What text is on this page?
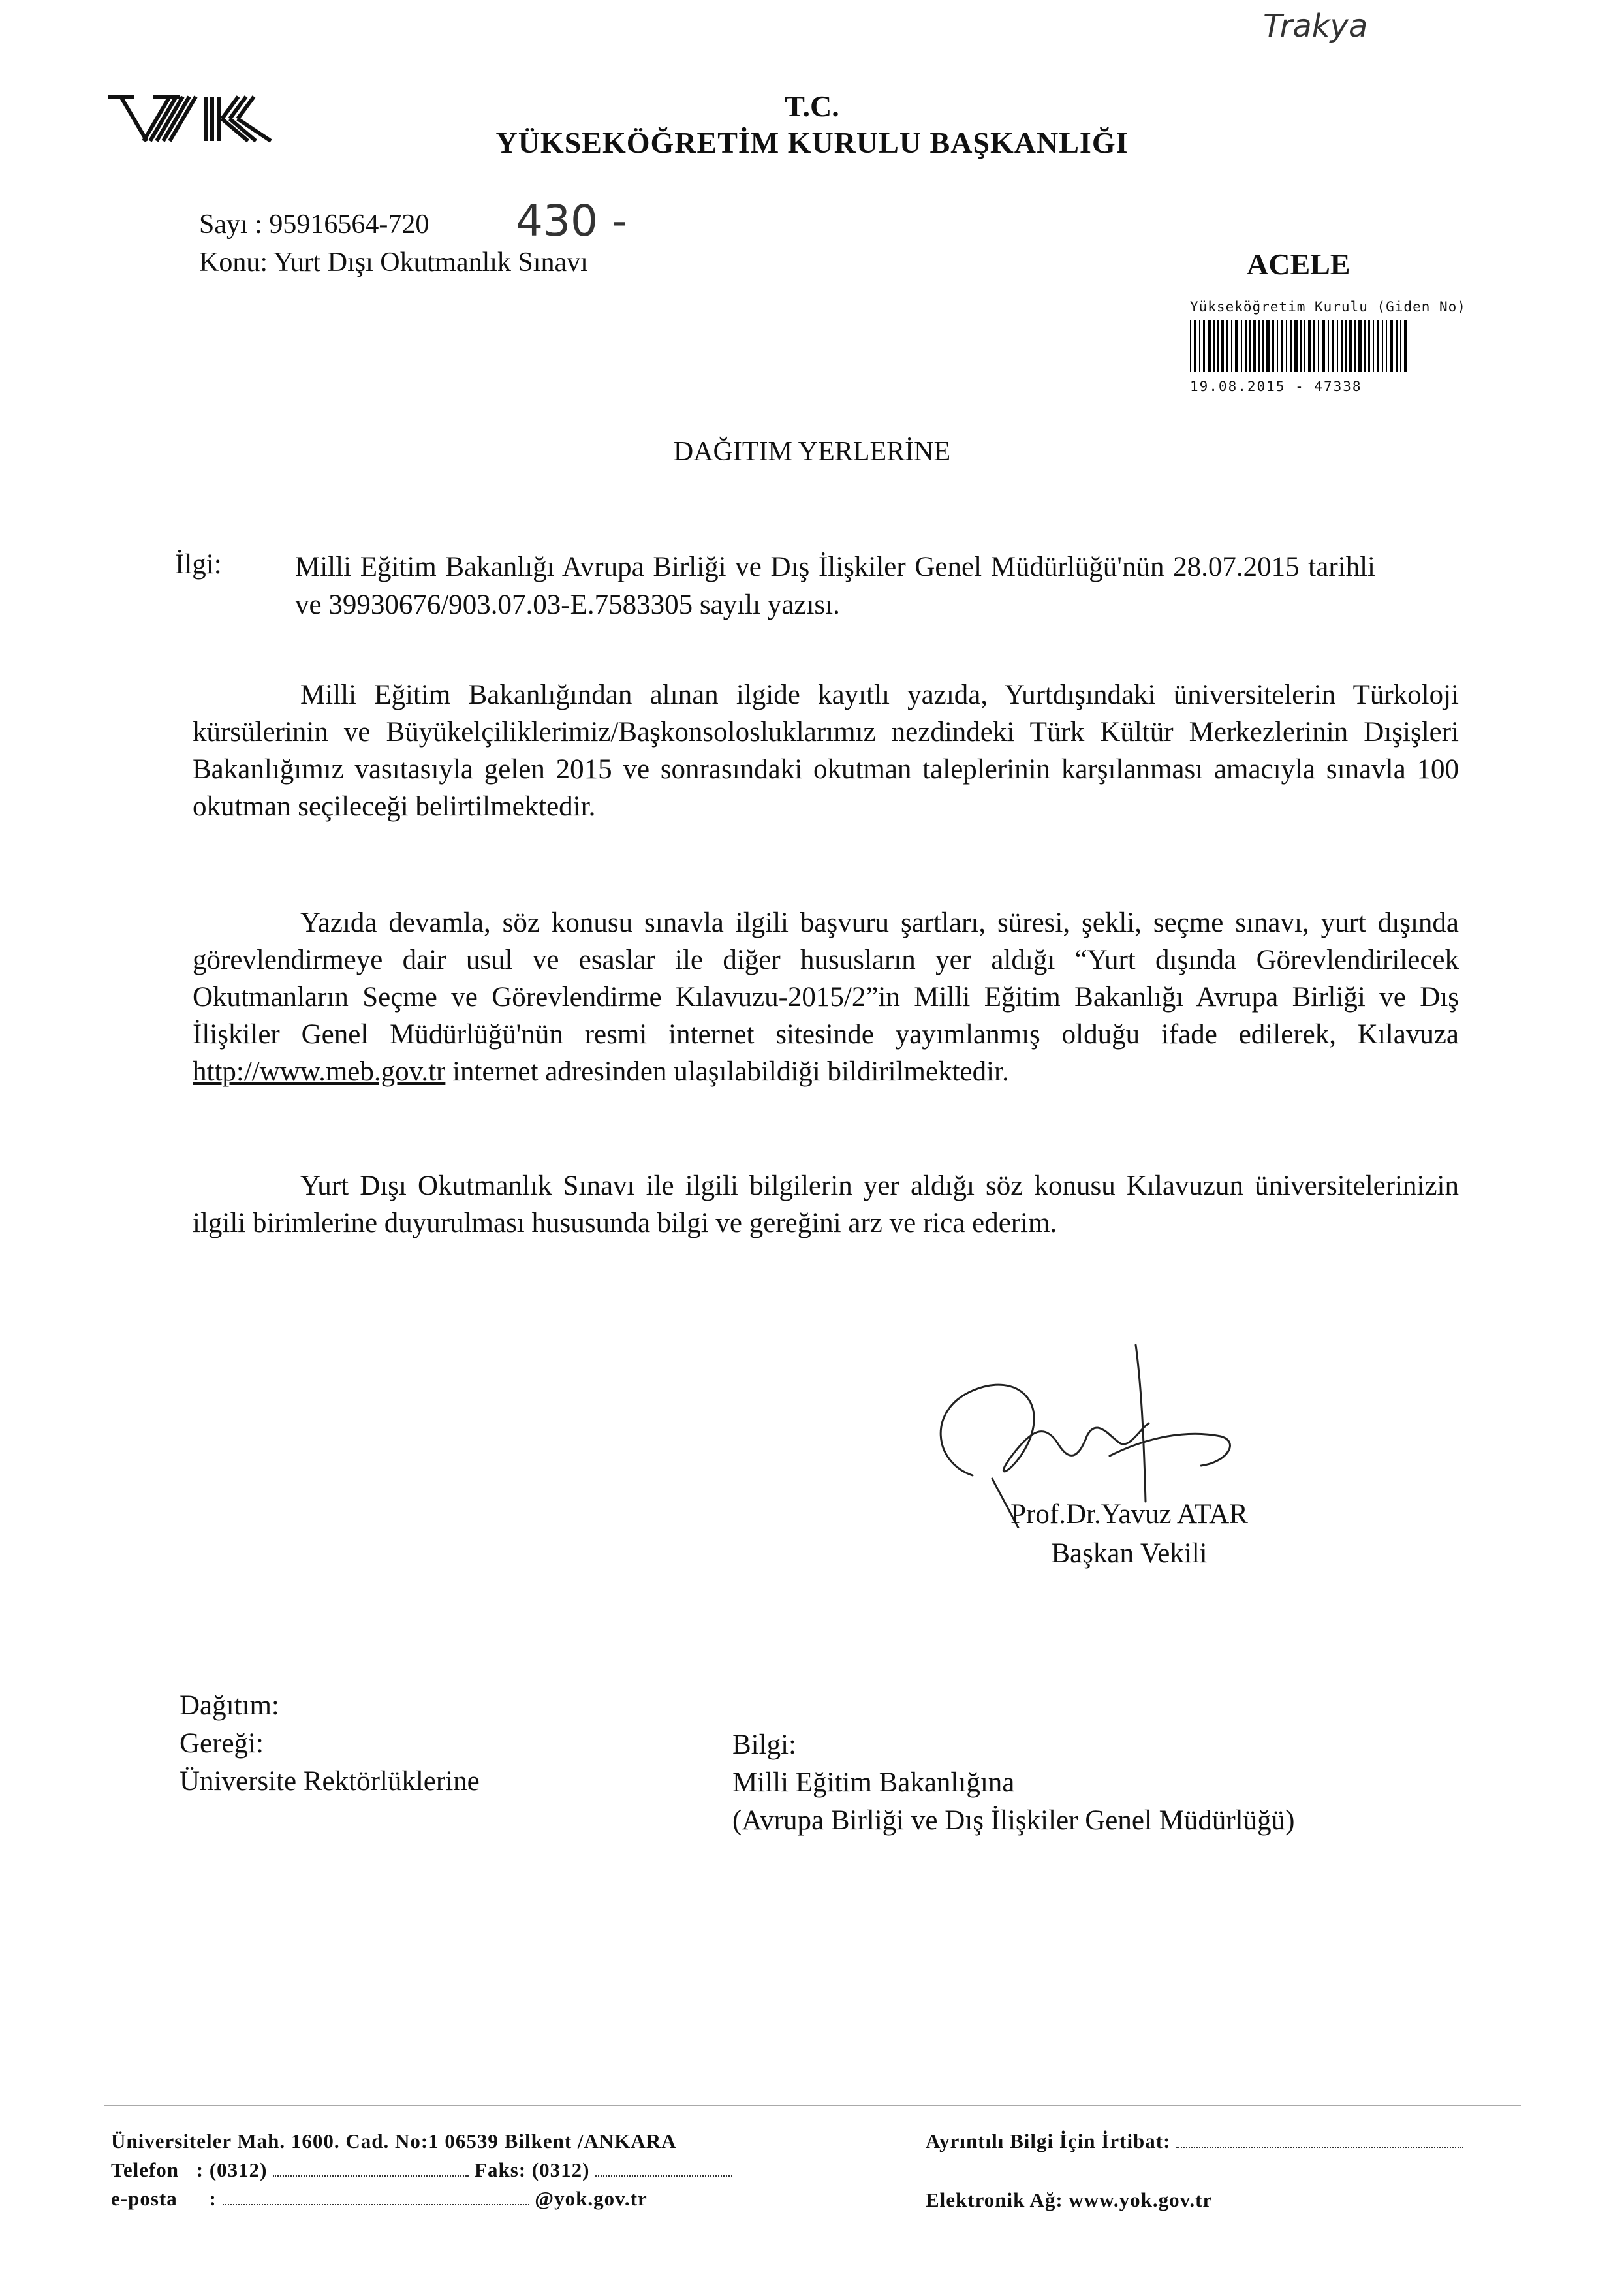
Trakya
T.C.
YÜKSEKÖĞRETİM KURULU BAŞKANLIĞI
Sayı : 95916564-720 430 -
Konu: Yurt Dışı Okutmanlık Sınavı	ACELE
Yükseköğretim Kurulu (Giden No)
19.08.2015 - 47338
DAĞITIM YERLERİNE
İlgi:	Milli Eğitim Bakanlığı Avrupa Birliği ve Dış İlişkiler Genel Müdürlüğü'nün 28.07.2015 tarihli ve 39930676/903.07.03-E.7583305 sayılı yazısı.

Milli Eğitim Bakanlığından alınan ilgide kayıtlı yazıda, Yurtdışındaki üniversitelerin Türkoloji kürsülerinin ve Büyükelçiliklerimiz/Başkonsolosluklarımız nezdindeki Türk Kültür Merkezlerinin Dışişleri Bakanlığımız vasıtasıyla gelen 2015 ve sonrasındaki okutman taleplerinin karşılanması amacıyla sınavla 100 okutman seçileceği belirtilmektedir.

Yazıda devamla, söz konusu sınavla ilgili başvuru şartları, süresi, şekli, seçme sınavı, yurt dışında görevlendirmeye dair usul ve esaslar ile diğer hususların yer aldığı “Yurt dışında Görevlendirilecek Okutmanların Seçme ve Görevlendirme Kılavuzu-2015/2”in Milli Eğitim Bakanlığı Avrupa Birliği ve Dış İlişkiler Genel Müdürlüğü'nün resmi internet sitesinde yayımlanmış olduğu ifade edilerek, Kılavuza http://www.meb.gov.tr internet adresinden ulaşılabildiği bildirilmektedir.

Yurt Dışı Okutmanlık Sınavı ile ilgili bilgilerin yer aldığı söz konusu Kılavuzun üniversitelerinizin ilgili birimlerine duyurulması hususunda bilgi ve gereğini arz ve rica ederim.

Prof.Dr.Yavuz ATAR
Başkan Vekili
Dağıtım:
Gereği:
Üniversite Rektörlüklerine
Bilgi:
Milli Eğitim Bakanlığına
(Avrupa Birliği ve Dış İlişkiler Genel Müdürlüğü)
Üniversiteler Mah. 1600. Cad. No:1 06539 Bilkent /ANKARA
Telefon : (0312)	Faks: (0312)
e-posta :	@yok.gov.tr
Ayrıntılı Bilgi İçin İrtibat:
Elektronik Ağ: www.yok.gov.tr
